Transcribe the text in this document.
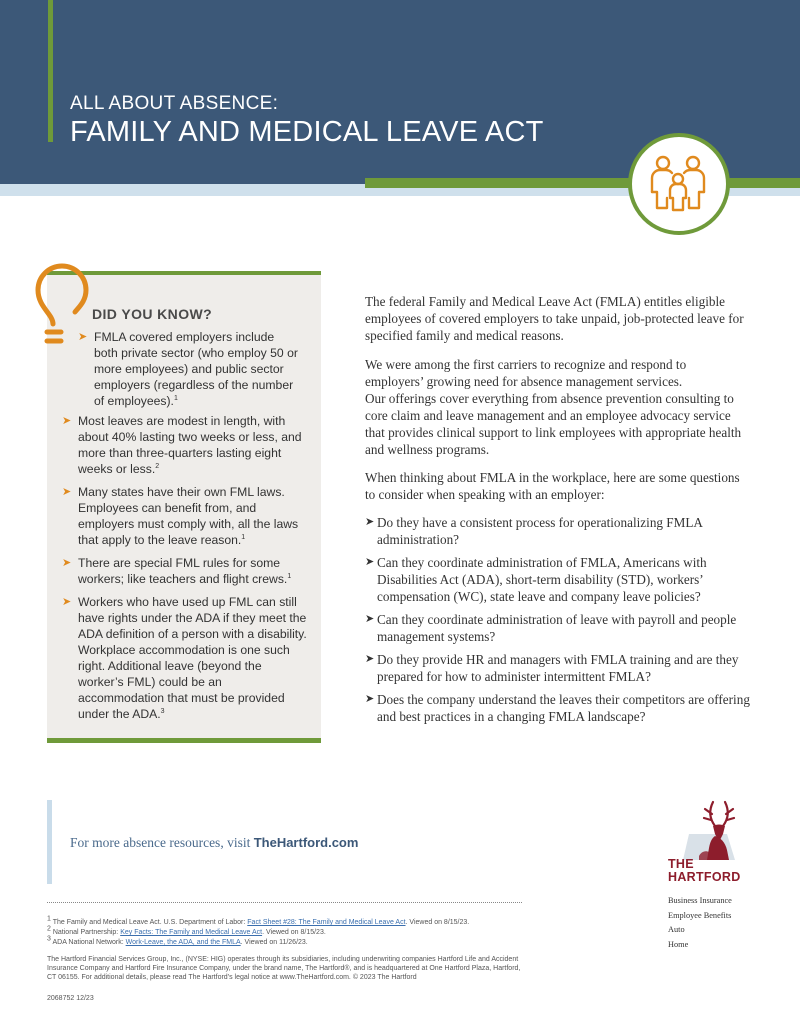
ALL ABOUT ABSENCE:
FAMILY AND MEDICAL LEAVE ACT
DID YOU KNOW?
➤ FMLA covered employers include both private sector (who employ 50 or more employees) and public sector employers (regardless of the number of employees).$^1$
➤ Most leaves are modest in length, with about 40% lasting two weeks or less, and more than three-quarters lasting eight weeks or less.$^2$
➤ Many states have their own FML laws. Employees can benefit from, and employers must comply with, all the laws that apply to the leave reason.$^1$
➤ There are special FML rules for some workers; like teachers and flight crews.$^1$
➤ Workers who have used up FML can still have rights under the ADA if they meet the ADA definition of a person with a disability. Workplace accommodation is one such right. Additional leave (beyond the worker’s FML) could be an accommodation that must be provided under the ADA.$^3$

The federal Family and Medical Leave Act (FMLA) entitles eligible employees of covered employers to take unpaid, job-protected leave for specified family and medical reasons.

We were among the first carriers to recognize and respond to employers’ growing need for absence management services.
Our offerings cover everything from absence prevention consulting to core claim and leave management and an employee advocacy service that provides clinical support to link employees with appropriate health and wellness programs.

When thinking about FMLA in the workplace, here are some questions to consider when speaking with an employer:

➤ Do they have a consistent process for operationalizing FMLA administration?
➤ Can they coordinate administration of FMLA, Americans with Disabilities Act (ADA), short-term disability (STD), workers’ compensation (WC), state leave and company leave policies?
➤ Can they coordinate administration of leave with payroll and people management systems?
➤ Do they provide HR and managers with FMLA training and are they prepared for how to administer intermittent FMLA?
➤ Does the company understand the leaves their competitors are offering and best practices in a changing FMLA landscape?
For more absence resources, visit TheHartford.com
$^1$ The Family and Medical Leave Act. U.S. Department of Labor: Fact Sheet #28: The Family and Medical Leave Act. Viewed on 8/15/23.
$^2$ National Partnership: Key Facts: The Family and Medical Leave Act. Viewed on 8/15/23.
$^3$ ADA National Network: Work-Leave, the ADA, and the FMLA. Viewed on 11/26/23.
The Hartford Financial Services Group, Inc., (NYSE: HIG) operates through its subsidiaries, including underwriting companies Hartford Life and Accident Insurance Company and Hartford Fire Insurance Company, under the brand name, The Hartford®, and is headquartered at One Hartford Plaza, Hartford, CT 06155. For additional details, please read The Hartford’s legal notice at www.TheHartford.com. © 2023 The Hartford
2068752 12/23
THE
HARTFORD
Business Insurance
Employee Benefits
Auto
Home
